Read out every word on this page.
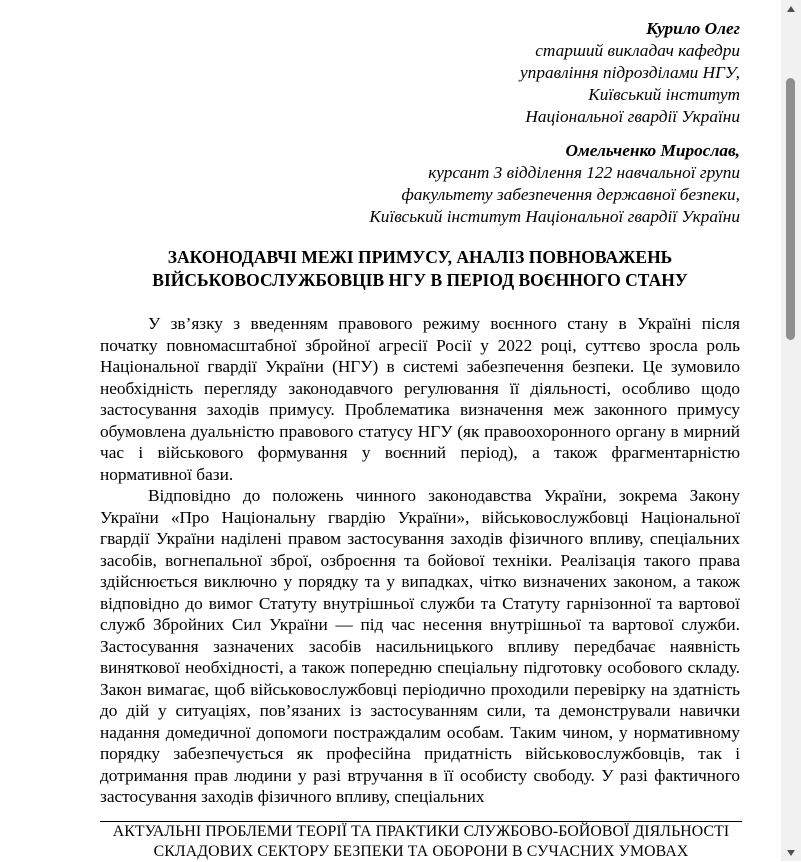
Курило Олег
старший викладач кафедри
управління підрозділами НГУ,
Київський інститут
Національної гвардії України
Омельченко Мирослав,
курсант 3 відділення 122 навчальної групи
факультету забезпечення державної безпеки,
Київський інститут Національної гвардії України
ЗАКОНОДАВЧІ МЕЖІ ПРИМУСУ, АНАЛІЗ ПОВНОВАЖЕНЬ
ВІЙСЬКОВОСЛУЖБОВЦІВ НГУ В ПЕРІОД ВОЄННОГО СТАНУ

У зв’язку з введенням правового режиму воєнного стану в Україні після початку повномасштабної збройної агресії Росії у 2022 році, суттєво зросла роль Національної гвардії України (НГУ) в системі забезпечення безпеки. Це зумовило необхідність перегляду законодавчого регулювання її діяльності, особливо щодо застосування заходів примусу. Проблематика визначення меж законного примусу обумовлена дуальністю правового статусу НГУ (як правоохоронного органу в мирний час і військового формування у воєнний період), а також фрагментарністю нормативної бази.

Відповідно до положень чинного законодавства України, зокрема Закону України «Про Національну гвардію України», військовослужбовці Національної гвардії України наділені правом застосування заходів фізичного впливу, спеціальних засобів, вогнепальної зброї, озброєння та бойової техніки. Реалізація такого права здійснюється виключно у порядку та у випадках, чітко визначених законом, а також відповідно до вимог Статуту внутрішньої служби та Статуту гарнізонної та вартової служб Збройних Сил України — під час несення внутрішньої та вартової служби. Застосування зазначених засобів насильницького впливу передбачає наявність виняткової необхідності, а також попередню спеціальну підготовку особового складу. Закон вимагає, щоб військовослужбовці періодично проходили перевірку на здатність до дій у ситуаціях, пов’язаних із застосуванням сили, та демонстрували навички надання домедичної допомоги постраждалим особам. Таким чином, у нормативному порядку забезпечується як професійна придатність військовослужбовців, так і дотримання прав людини у разі втручання в її особисту свободу. У разі фактичного застосування заходів фізичного впливу, спеціальних

АКТУАЛЬНІ ПРОБЛЕМИ ТЕОРІЇ ТА ПРАКТИКИ СЛУЖБОВО-БОЙОВОЇ ДІЯЛЬНОСТІ
СКЛАДОВИХ СЕКТОРУ БЕЗПЕКИ ТА ОБОРОНИ В СУЧАСНИХ УМОВАХ
